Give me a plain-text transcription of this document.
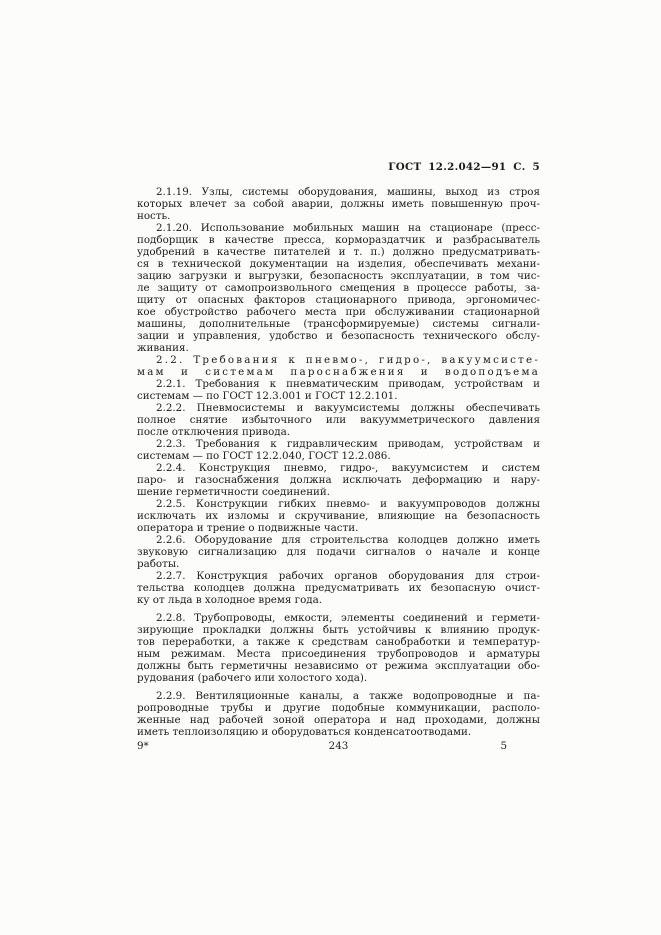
ГОСТ 12.2.042—91 С. 5

2.1.19. Узлы, системы оборудования, машины, выход из строя
которых влечет за собой аварии, должны иметь повышенную проч-
ность.

2.1.20. Использование мобильных машин на стационаре (пресс-
подборщик в качестве пресса, кормораздатчик и разбрасыватель
удобрений в качестве питателей и т. п.) должно предусматривать-
ся в технической документации на изделия, обеспечивать механи-
зацию загрузки и выгрузки, безопасность эксплуатации, в том чис-
ле защиту от самопроизвольного смещения в процессе работы, за-
щиту от опасных факторов стационарного привода, эргономичес-
кое обустройство рабочего места при обслуживании стационарной
машины, дополнительные (трансформируемые) системы сигнали-
зации и управления, удобство и безопасность технического обслу-
живания.

2.2. Требования к пневмо-, гидро-, вакуумсисте-
мам и системам пароснабжения и водоподъема

2.2.1. Требования к пневматическим приводам, устройствам и
системам — по ГОСТ 12.3.001 и ГОСТ 12.2.101.

2.2.2. Пневмосистемы и вакуумсистемы должны обеспечивать
полное снятие избыточного или вакуумметрического давления
после отключения привода.

2.2.3. Требования к гидравлическим приводам, устройствам и
системам — по ГОСТ 12.2.040, ГОСТ 12.2.086.

2.2.4. Конструкция пневмо, гидро-, вакуумсистем и систем
паро- и газоснабжения должна исключать деформацию и нару-
шение герметичности соединений.

2.2.5. Конструкции гибких пневмо- и вакуумпроводов должны
исключать их изломы и скручивание, влияющие на безопасность
оператора и трение о подвижные части.

2.2.6. Оборудование для строительства колодцев должно иметь
звуковую сигнализацию для подачи сигналов о начале и конце
работы.

2.2.7. Конструкция рабочих органов оборудования для строи-
тельства колодцев должна предусматривать их безопасную очист-
ку от льда в холодное время года.

2.2.8. Трубопроводы, емкости, элементы соединений и гермети-
зирующие прокладки должны быть устойчивы к влиянию продук-
тов переработки, а также к средствам санобработки и температур-
ным режимам. Места присоединения трубопроводов и арматуры
должны быть герметичны независимо от режима эксплуатации обо-
рудования (рабочего или холостого хода).

2.2.9. Вентиляционные каналы, а также водопроводные и па-
ропроводные трубы и другие подобные коммуникации, располо-
женные над рабочей зоной оператора и над проходами, должны
иметь теплоизоляцию и оборудоваться конденсатоотводами.

9*	243	5
